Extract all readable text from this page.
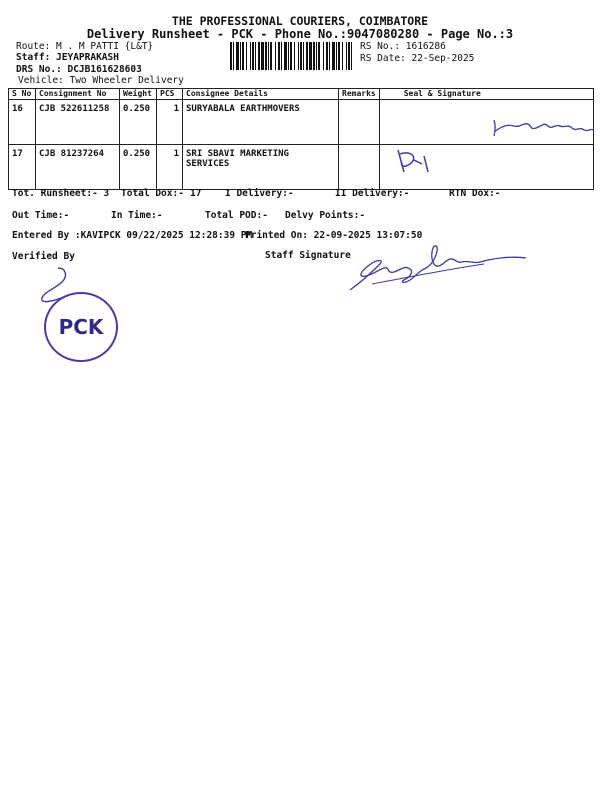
THE PROFESSIONAL COURIERS, COIMBATORE
Delivery Runsheet - PCK - Phone No.:9047080280 - Page No.:3
Route: M . M PATTI {L&T}
Staff: JEYAPRAKASH
DRS No.: DCJB161628603
Vehicle: Two Wheeler Delivery
RS No.: 1616286
RS Date: 22-Sep-2025
S No	Consignment No	Weight	PCS	Consignee Details	Remarks	Seal & Signature
16	CJB 522611258	0.250	1	SURYABALA EARTHMOVERS		
17	CJB 81237264	0.250	1	SRI SBAVI MARKETING SERVICES		
Tot. Runsheet:- 3 Total Dox:- 17 I Delivery:-	II Delivery:-	RTN Dox:-
Out Time:-	In Time:-	Total POD:- Delvy Points:-
Entered By :KAVIPCK 09/22/2025 12:28:39 PM
Printed On: 22-09-2025 13:07:50
Verified By	Staff Signature
PCK
